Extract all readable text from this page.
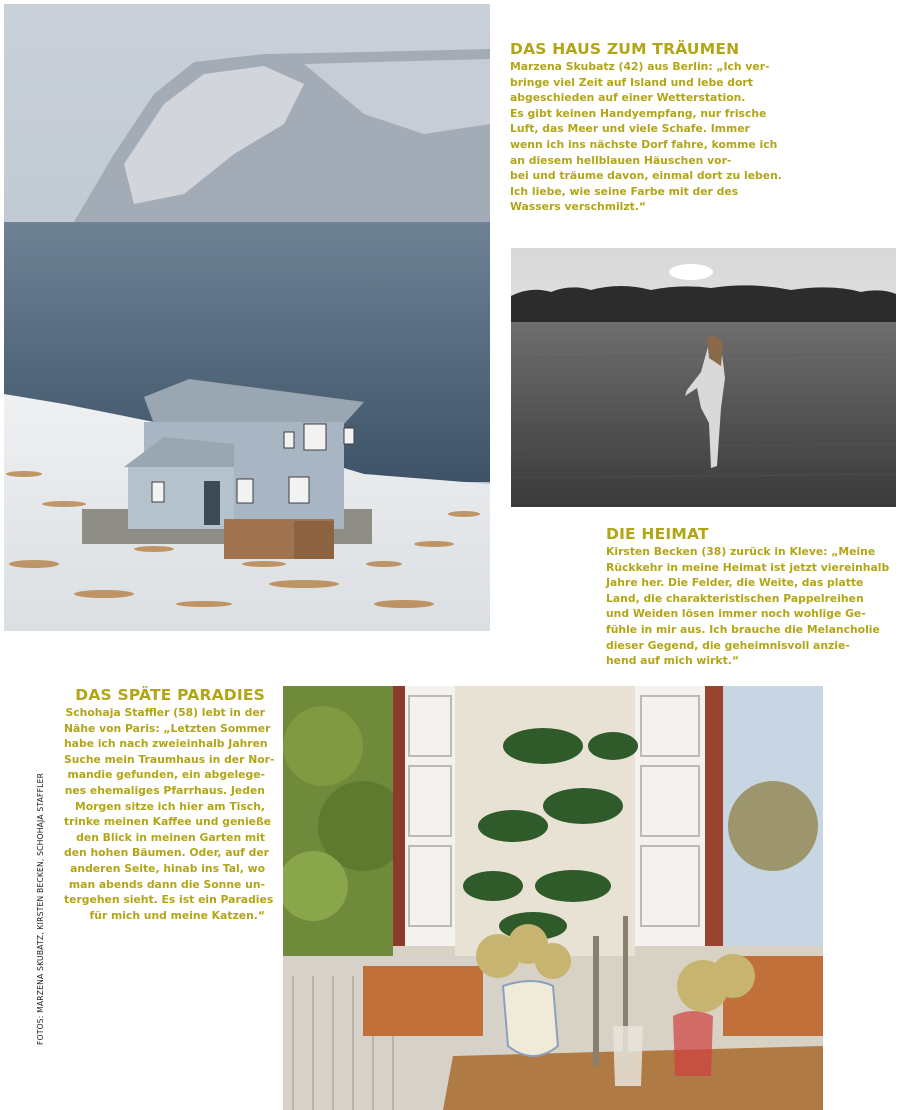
DAS HAUS ZUM TRÄUMEN
Marzena Skubatz (42) aus Berlin: „Ich ver-
bringe viel Zeit auf Island und lebe dort
abgeschieden auf einer Wetterstation.
Es gibt keinen Handyempfang, nur frische
Luft, das Meer und viele Schafe. Immer
wenn ich ins nächste Dorf fahre, komme ich
an diesem hellblauen Häuschen vor-
bei und träume davon, einmal dort zu leben.
Ich liebe, wie seine Farbe mit der des
Wassers verschmilzt.“
DIE HEIMAT
Kirsten Becken (38) zurück in Kleve: „Meine
Rückkehr in meine Heimat ist jetzt viereinhalb
Jahre her. Die Felder, die Weite, das platte
Land, die charakteristischen Pappelreihen
und Weiden lösen immer noch wohlige Ge-
fühle in mir aus. Ich brauche die Melancholie
dieser Gegend, die geheimnisvoll anzie-
hend auf mich wirkt.“
DAS SPÄTE PARADIES
Schohaja Staffler (58) lebt in der
Nähe von Paris: „Letzten Sommer
habe ich nach zweieinhalb Jahren
Suche mein Traumhaus in der Nor-
mandie gefunden, ein abgelege-
nes ehemaliges Pfarrhaus. Jeden
Morgen sitze ich hier am Tisch,
trinke meinen Kaffee und genieße
den Blick in meinen Garten mit
den hohen Bäumen. Oder, auf der
anderen Seite, hinab ins Tal, wo
man abends dann die Sonne un-
tergehen sieht. Es ist ein Paradies
für mich und meine Katzen.“
FOTOS: MARZENA SKUBATZ, KIRSTEN BECKEN, SCHOHAJA STAFFLER
